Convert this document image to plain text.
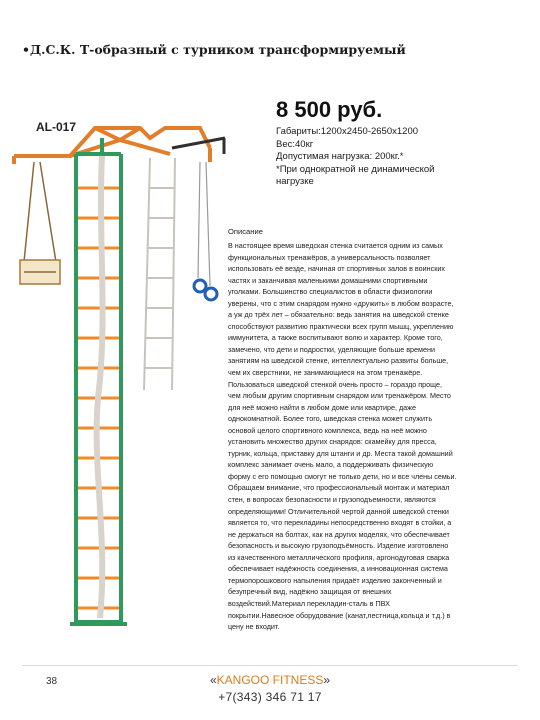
•Д.С.К. Т-образный с турником трансформируемый
AL-017
8 500 руб.
Габариты:1200х2450-2650х1200
Вес:40кг
Допустимая нагрузка: 200кг.*
*При однократной не динамической
нагрузке
Описание
В настоящее время шведская стенка считается одним из самых
функциональных тренажёров, а универсальность позволяет
использовать её везде, начиная от спортивных залов в воинских
частях и заканчивая маленькими домашними спортивными
уголками. Большинство специалистов в области физиологии
уверены, что с этим снарядом нужно «дружить» в любом возрасте,
а уж до трёх лет – обязательно: ведь занятия на шведской стенке
способствуют развитию практически всех групп мышц, укреплению
иммунитета, а также воспитывают волю и характер. Кроме того,
замечено, что дети и подростки, уделяющие больше времени
занятиям на шведской стенке, интеллектуально развиты больше,
чем их сверстники, не занимающиеся на этом тренажёре.
Пользоваться шведской стенкой очень просто – гораздо проще,
чем любым другим спортивным снарядом или тренажёром. Место
для неё можно найти в любом доме или квартире, даже
однокомнатной. Более того, шведская стенка может служить
основой целого спортивного комплекса, ведь на неё можно
установить множество других снарядов: скамейку для пресса,
турник, кольца, приставку для штанги и др. Места такой домашний
комплекс занимает очень мало, а поддерживать физическую
форму с его помощью смогут не только дети, но и все члены семьи.
Обращаем внимание, что профессиональный монтаж и материал
стен, в вопросах безопасности и грузоподъемности, являются
определяющими! Отличительной чертой данной шведской стенки
является то, что перекладины непосредственно входят в стойки, а
не держаться на болтах, как на других моделях, что обеспечивает
безопасность и высокую грузоподъёмность. Изделие изготовлено
из качественного металлического профиля, аргонодуговая сварка
обеспечивает надёжность соединения, а инновационная система
термопорошкового напыления придаёт изделию законченный и
безупречный вид, надёжно защищая от внешних
воздействий.Материал перекладин-сталь в ПВХ
покрытии.Навесное оборудование (канат,лестница,кольца и т.д.) в
цену не входит.
38	«KANGOO FITNESS»
+7(343) 346 71 17
